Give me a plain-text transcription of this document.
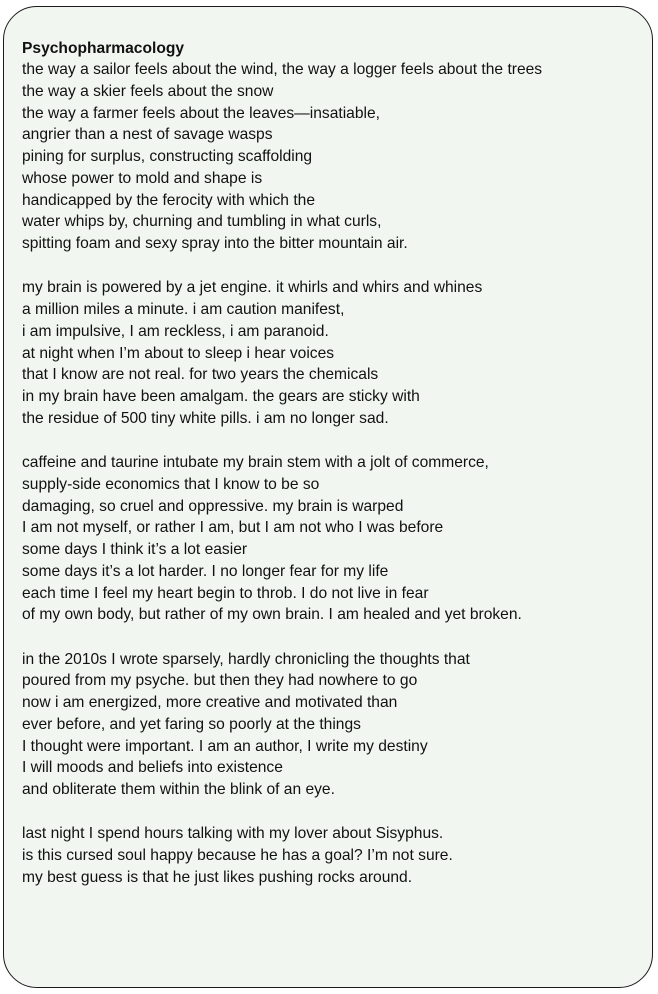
Psychopharmacology
the way a sailor feels about the wind, the way a logger feels about the trees
the way a skier feels about the snow
the way a farmer feels about the leaves—insatiable,
angrier than a nest of savage wasps
pining for surplus, constructing scaffolding
whose power to mold and shape is
handicapped by the ferocity with which the
water whips by, churning and tumbling in what curls,
spitting foam and sexy spray into the bitter mountain air.
my brain is powered by a jet engine. it whirls and whirs and whines
a million miles a minute. i am caution manifest,
i am impulsive, I am reckless, i am paranoid.
at night when I’m about to sleep i hear voices
that I know are not real. for two years the chemicals
in my brain have been amalgam. the gears are sticky with
the residue of 500 tiny white pills. i am no longer sad.
caffeine and taurine intubate my brain stem with a jolt of commerce,
supply-side economics that I know to be so
damaging, so cruel and oppressive. my brain is warped
I am not myself, or rather I am, but I am not who I was before
some days I think it’s a lot easier
some days it’s a lot harder. I no longer fear for my life
each time I feel my heart begin to throb. I do not live in fear
of my own body, but rather of my own brain. I am healed and yet broken.
in the 2010s I wrote sparsely, hardly chronicling the thoughts that
poured from my psyche. but then they had nowhere to go
now i am energized, more creative and motivated than
ever before, and yet faring so poorly at the things
I thought were important. I am an author, I write my destiny
I will moods and beliefs into existence
and obliterate them within the blink of an eye.
last night I spend hours talking with my lover about Sisyphus.
is this cursed soul happy because he has a goal? I’m not sure.
my best guess is that he just likes pushing rocks around.
